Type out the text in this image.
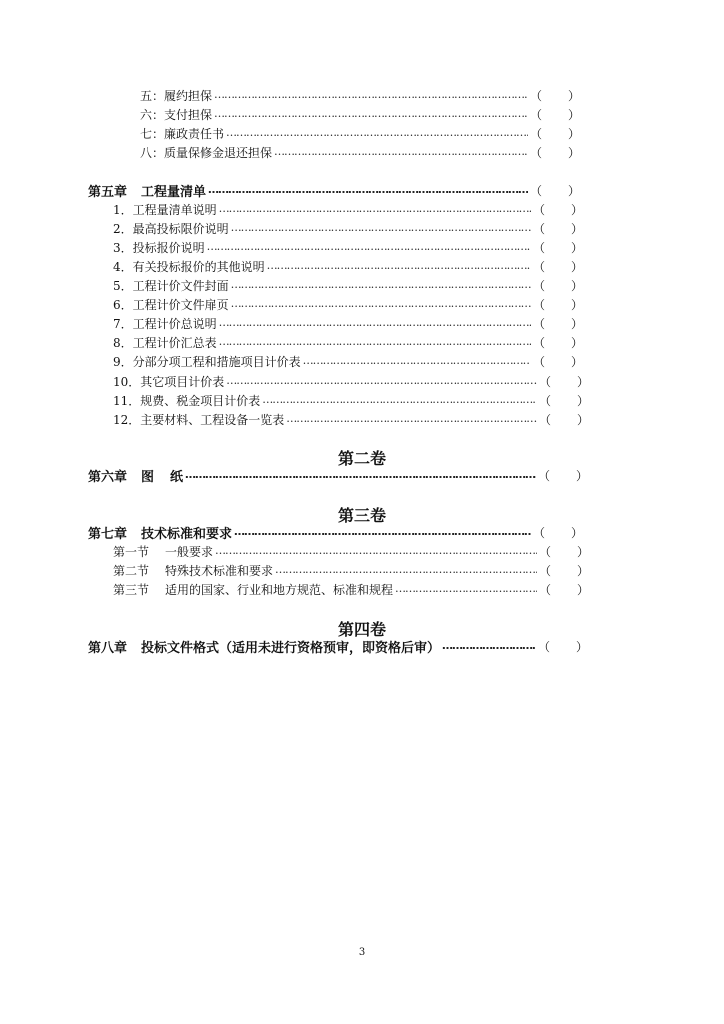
五：履约担保 ……………………………………………………………………………………………………………………………………………………………………………………………………………………………………………………………………………	（ ）
六：支付担保 ……………………………………………………………………………………………………………………………………………………………………………………………………………………………………………………………………………	（ ）
七：廉政责任书 ……………………………………………………………………………………………………………………………………………………………………………………………………………………………………………………………………………	（ ）
八：质量保修金退还担保 ……………………………………………………………………………………………………………………………………………………………………………………………………………………………………………………………………………	（ ）
第五章 工程量清单 ……………………………………………………………………………………………………………………………………………………………………………………………………………………………………………………………………………	（ ）
1．工程量清单说明 ……………………………………………………………………………………………………………………………………………………………………………………………………………………………………………………………………………	（ ）
2．最高投标限价说明 ……………………………………………………………………………………………………………………………………………………………………………………………………………………………………………………………………………	（ ）
3．投标报价说明 ……………………………………………………………………………………………………………………………………………………………………………………………………………………………………………………………………………	（ ）
4．有关投标报价的其他说明 ……………………………………………………………………………………………………………………………………………………………………………………………………………………………………………………………………………	（ ）
5．工程计价文件封面 ……………………………………………………………………………………………………………………………………………………………………………………………………………………………………………………………………………	（ ）
6．工程计价文件扉页 ……………………………………………………………………………………………………………………………………………………………………………………………………………………………………………………………………………	（ ）
7．工程计价总说明 ……………………………………………………………………………………………………………………………………………………………………………………………………………………………………………………………………………	（ ）
8．工程计价汇总表 ……………………………………………………………………………………………………………………………………………………………………………………………………………………………………………………………………………	（ ）
9．分部分项工程和措施项目计价表 ……………………………………………………………………………………………………………………………………………………………………………………………………………………………………………………………………………	（ ）
10．其它项目计价表 ……………………………………………………………………………………………………………………………………………………………………………………………………………………………………………………………………………	（ ）
11．规费、税金项目计价表 ……………………………………………………………………………………………………………………………………………………………………………………………………………………………………………………………………………	（ ）
12．主要材料、工程设备一览表 ……………………………………………………………………………………………………………………………………………………………………………………………………………………………………………………………………………	（ ）
第二卷
第六章 图 纸 ……………………………………………………………………………………………………………………………………………………………………………………………………………………………………………………………………………	（ ）
第三卷
第七章 技术标准和要求 ……………………………………………………………………………………………………………………………………………………………………………………………………………………………………………………………………………	（ ）
第一节 一般要求 ……………………………………………………………………………………………………………………………………………………………………………………………………………………………………………………………………………	（ ）
第二节 特殊技术标准和要求 ……………………………………………………………………………………………………………………………………………………………………………………………………………………………………………………………………………	（ ）
第三节 适用的国家、行业和地方规范、标准和规程 ……………………………………………………………………………………………………………………………………………………………………………………………………………………………………………………………………………	（ ）
第四卷
第八章 投标文件格式（适用未进行资格预审，即资格后审） ……………………………………………………………………………………………………………………………………………………………………………………………………………………………………………………………………………	（ ）
3
